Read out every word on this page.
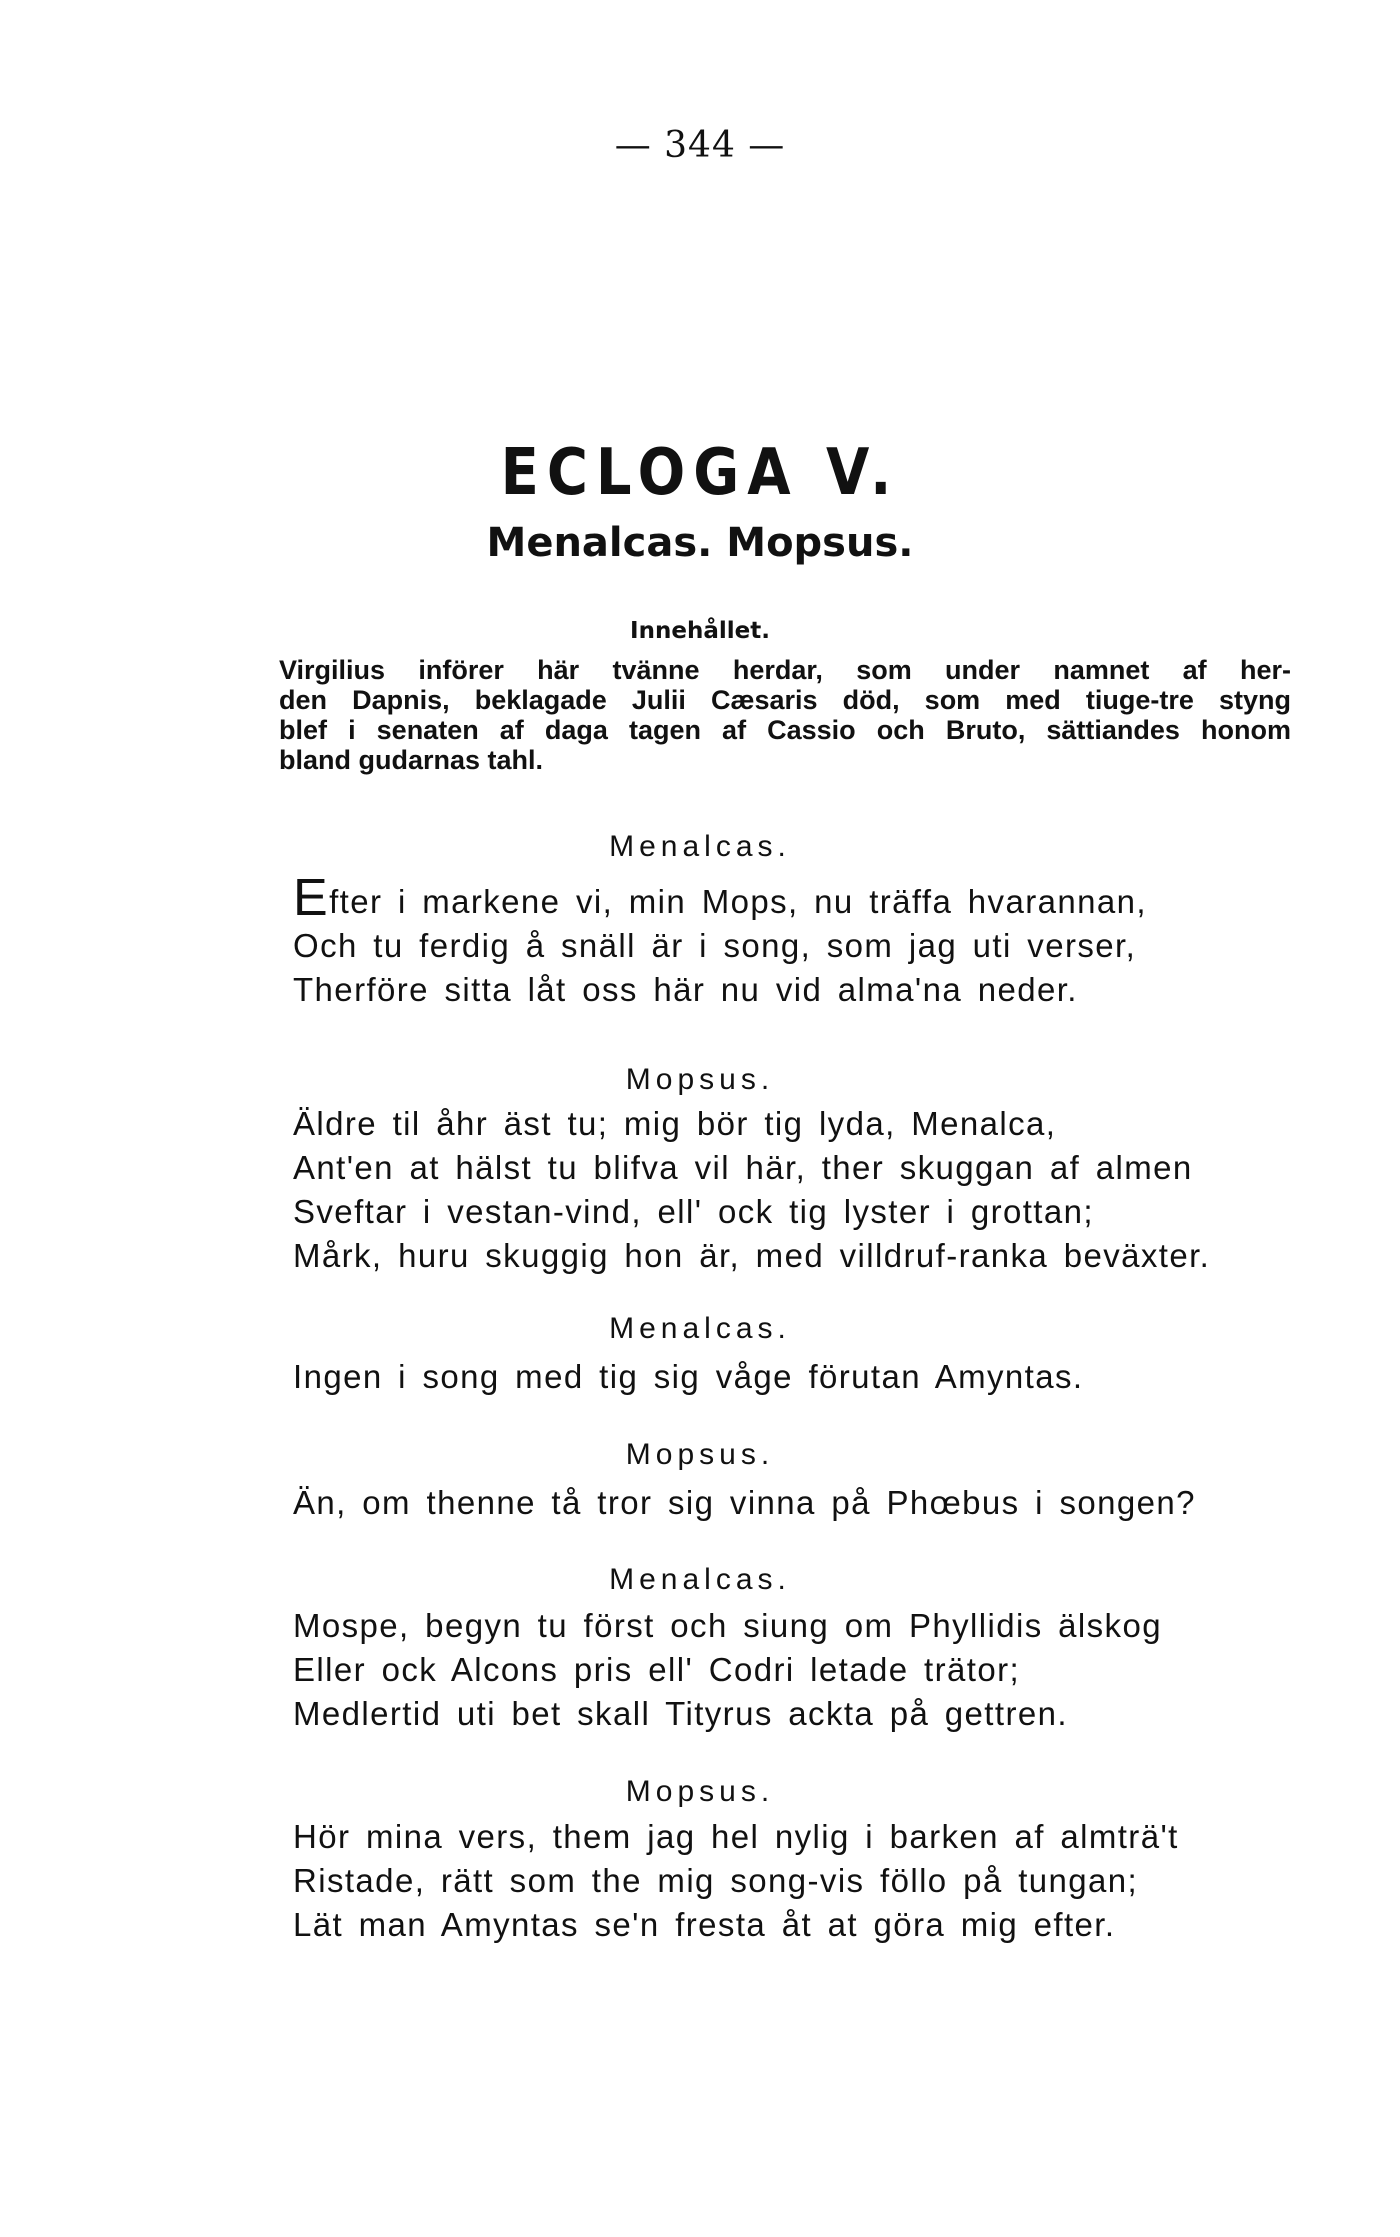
— 344 —
ECLOGA V.
Menalcas. Mopsus.
Innehållet.
Virgilius införer här tvänne herdar, som under namnet af her-
den Dapnis, beklagade Julii Cæsaris död, som med tiuge-tre styng
blef i senaten af daga tagen af Cassio och Bruto, sättiandes honom
bland gudarnas tahl.
Menalcas.
Efter i markene vi, min Mops, nu träffa hvarannan,
Och tu ferdig å snäll är i song, som jag uti verser,
Therföre sitta låt oss här nu vid alma'na neder.
Mopsus.
Äldre til åhr äst tu; mig bör tig lyda, Menalca,
Ant'en at hälst tu blifva vil här, ther skuggan af almen
Sveftar i vestan-vind, ell' ock tig lyster i grottan;
Mårk, huru skuggig hon är, med villdruf-ranka beväxter.
Menalcas.
Ingen i song med tig sig våge förutan Amyntas.
Mopsus.
Än, om thenne tå tror sig vinna på Phœbus i songen?
Menalcas.
Mospe, begyn tu först och siung om Phyllidis älskog
Eller ock Alcons pris ell' Codri letade trätor;
Medlertid uti bet skall Tityrus ackta på gettren.
Mopsus.
Hör mina vers, them jag hel nylig i barken af almträ't
Ristade, rätt som the mig song-vis föllo på tungan;
Lät man Amyntas se'n fresta åt at göra mig efter.
